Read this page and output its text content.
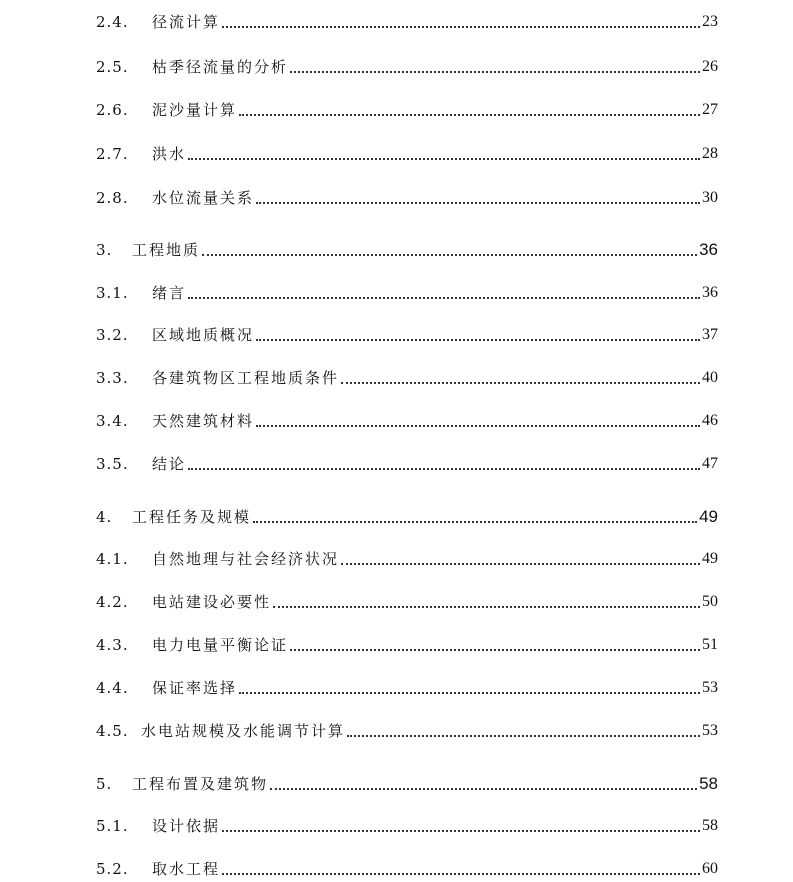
2.4.	径流计算	23
2.5.	枯季径流量的分析	26
2.6.	泥沙量计算	27
2.7.	洪水	28
2.8.	水位流量关系	30
3.	工程地质	36
3.1.	绪言	36
3.2.	区域地质概况	37
3.3.	各建筑物区工程地质条件	40
3.4.	天然建筑材料	46
3.5.	结论	47
4.	工程任务及规模	49
4.1.	自然地理与社会经济状况	49
4.2.	电站建设必要性	50
4.3.	电力电量平衡论证	51
4.4.	保证率选择	53
4.5. 水电站规模及水能调节计算	53
5.	工程布置及建筑物	58
5.1.	设计依据	58
5.2.	取水工程	60
